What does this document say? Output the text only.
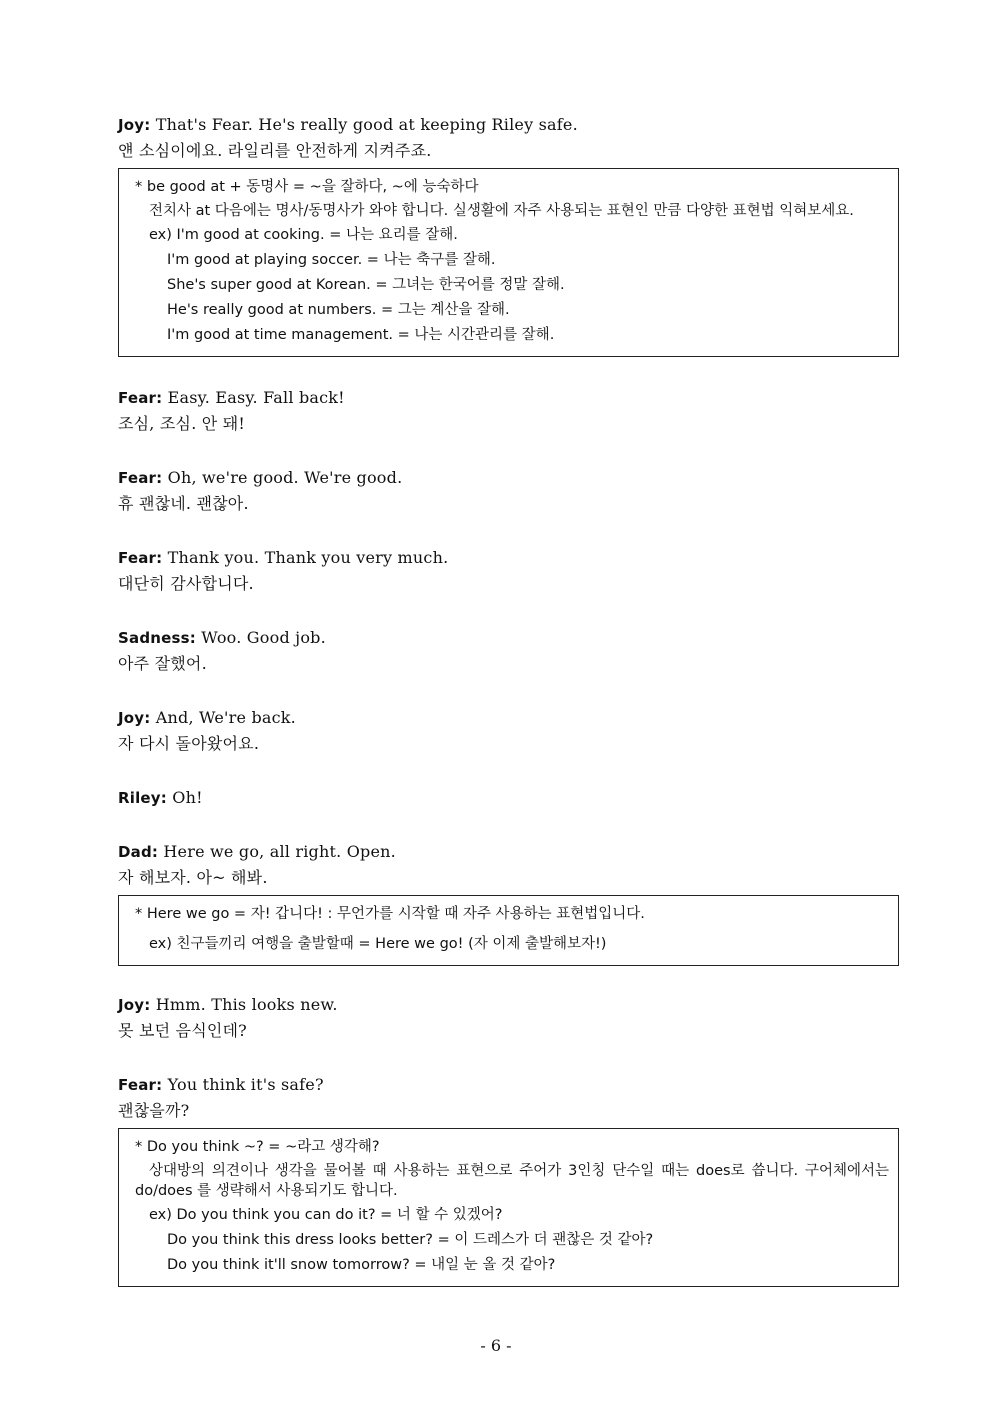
Joy: That's Fear. He's really good at keeping Riley safe.
얜 소심이에요. 라일리를 안전하게 지켜주죠.
* be good at + 동명사 = ~을 잘하다, ~에 능숙하다
전치사 at 다음에는 명사/동명사가 와야 합니다. 실생활에 자주 사용되는 표현인 만큼 다양한 표현법 익혀보세요.
ex) I'm good at cooking. = 나는 요리를 잘해.
I'm good at playing soccer. = 나는 축구를 잘해.
She's super good at Korean. = 그녀는 한국어를 정말 잘해.
He's really good at numbers. = 그는 계산을 잘해.
I'm good at time management. = 나는 시간관리를 잘해.
Fear: Easy. Easy. Fall back!
조심, 조심. 안 돼!
Fear: Oh, we're good. We're good.
휴 괜찮네. 괜찮아.
Fear: Thank you. Thank you very much.
대단히 감사합니다.
Sadness: Woo. Good job.
아주 잘했어.
Joy: And, We're back.
자 다시 돌아왔어요.
Riley: Oh!
Dad: Here we go, all right. Open.
자 해보자. 아~ 해봐.
* Here we go = 자! 갑니다! : 무언가를 시작할 때 자주 사용하는 표현법입니다.
ex) 친구들끼리 여행을 출발할때 = Here we go! (자 이제 출발해보자!)
Joy: Hmm. This looks new.
못 보던 음식인데?
Fear: You think it's safe?
괜찮을까?
* Do you think ~? = ~라고 생각해?
상대방의 의견이나 생각을 물어볼 때 사용하는 표현으로 주어가 3인칭 단수일 때는 does로 씁니다. 구어체에서는 do/does 를 생략해서 사용되기도 합니다.
ex) Do you think you can do it? = 너 할 수 있겠어?
Do you think this dress looks better? = 이 드레스가 더 괜찮은 것 같아?
Do you think it'll snow tomorrow? = 내일 눈 올 것 같아?
- 6 -
